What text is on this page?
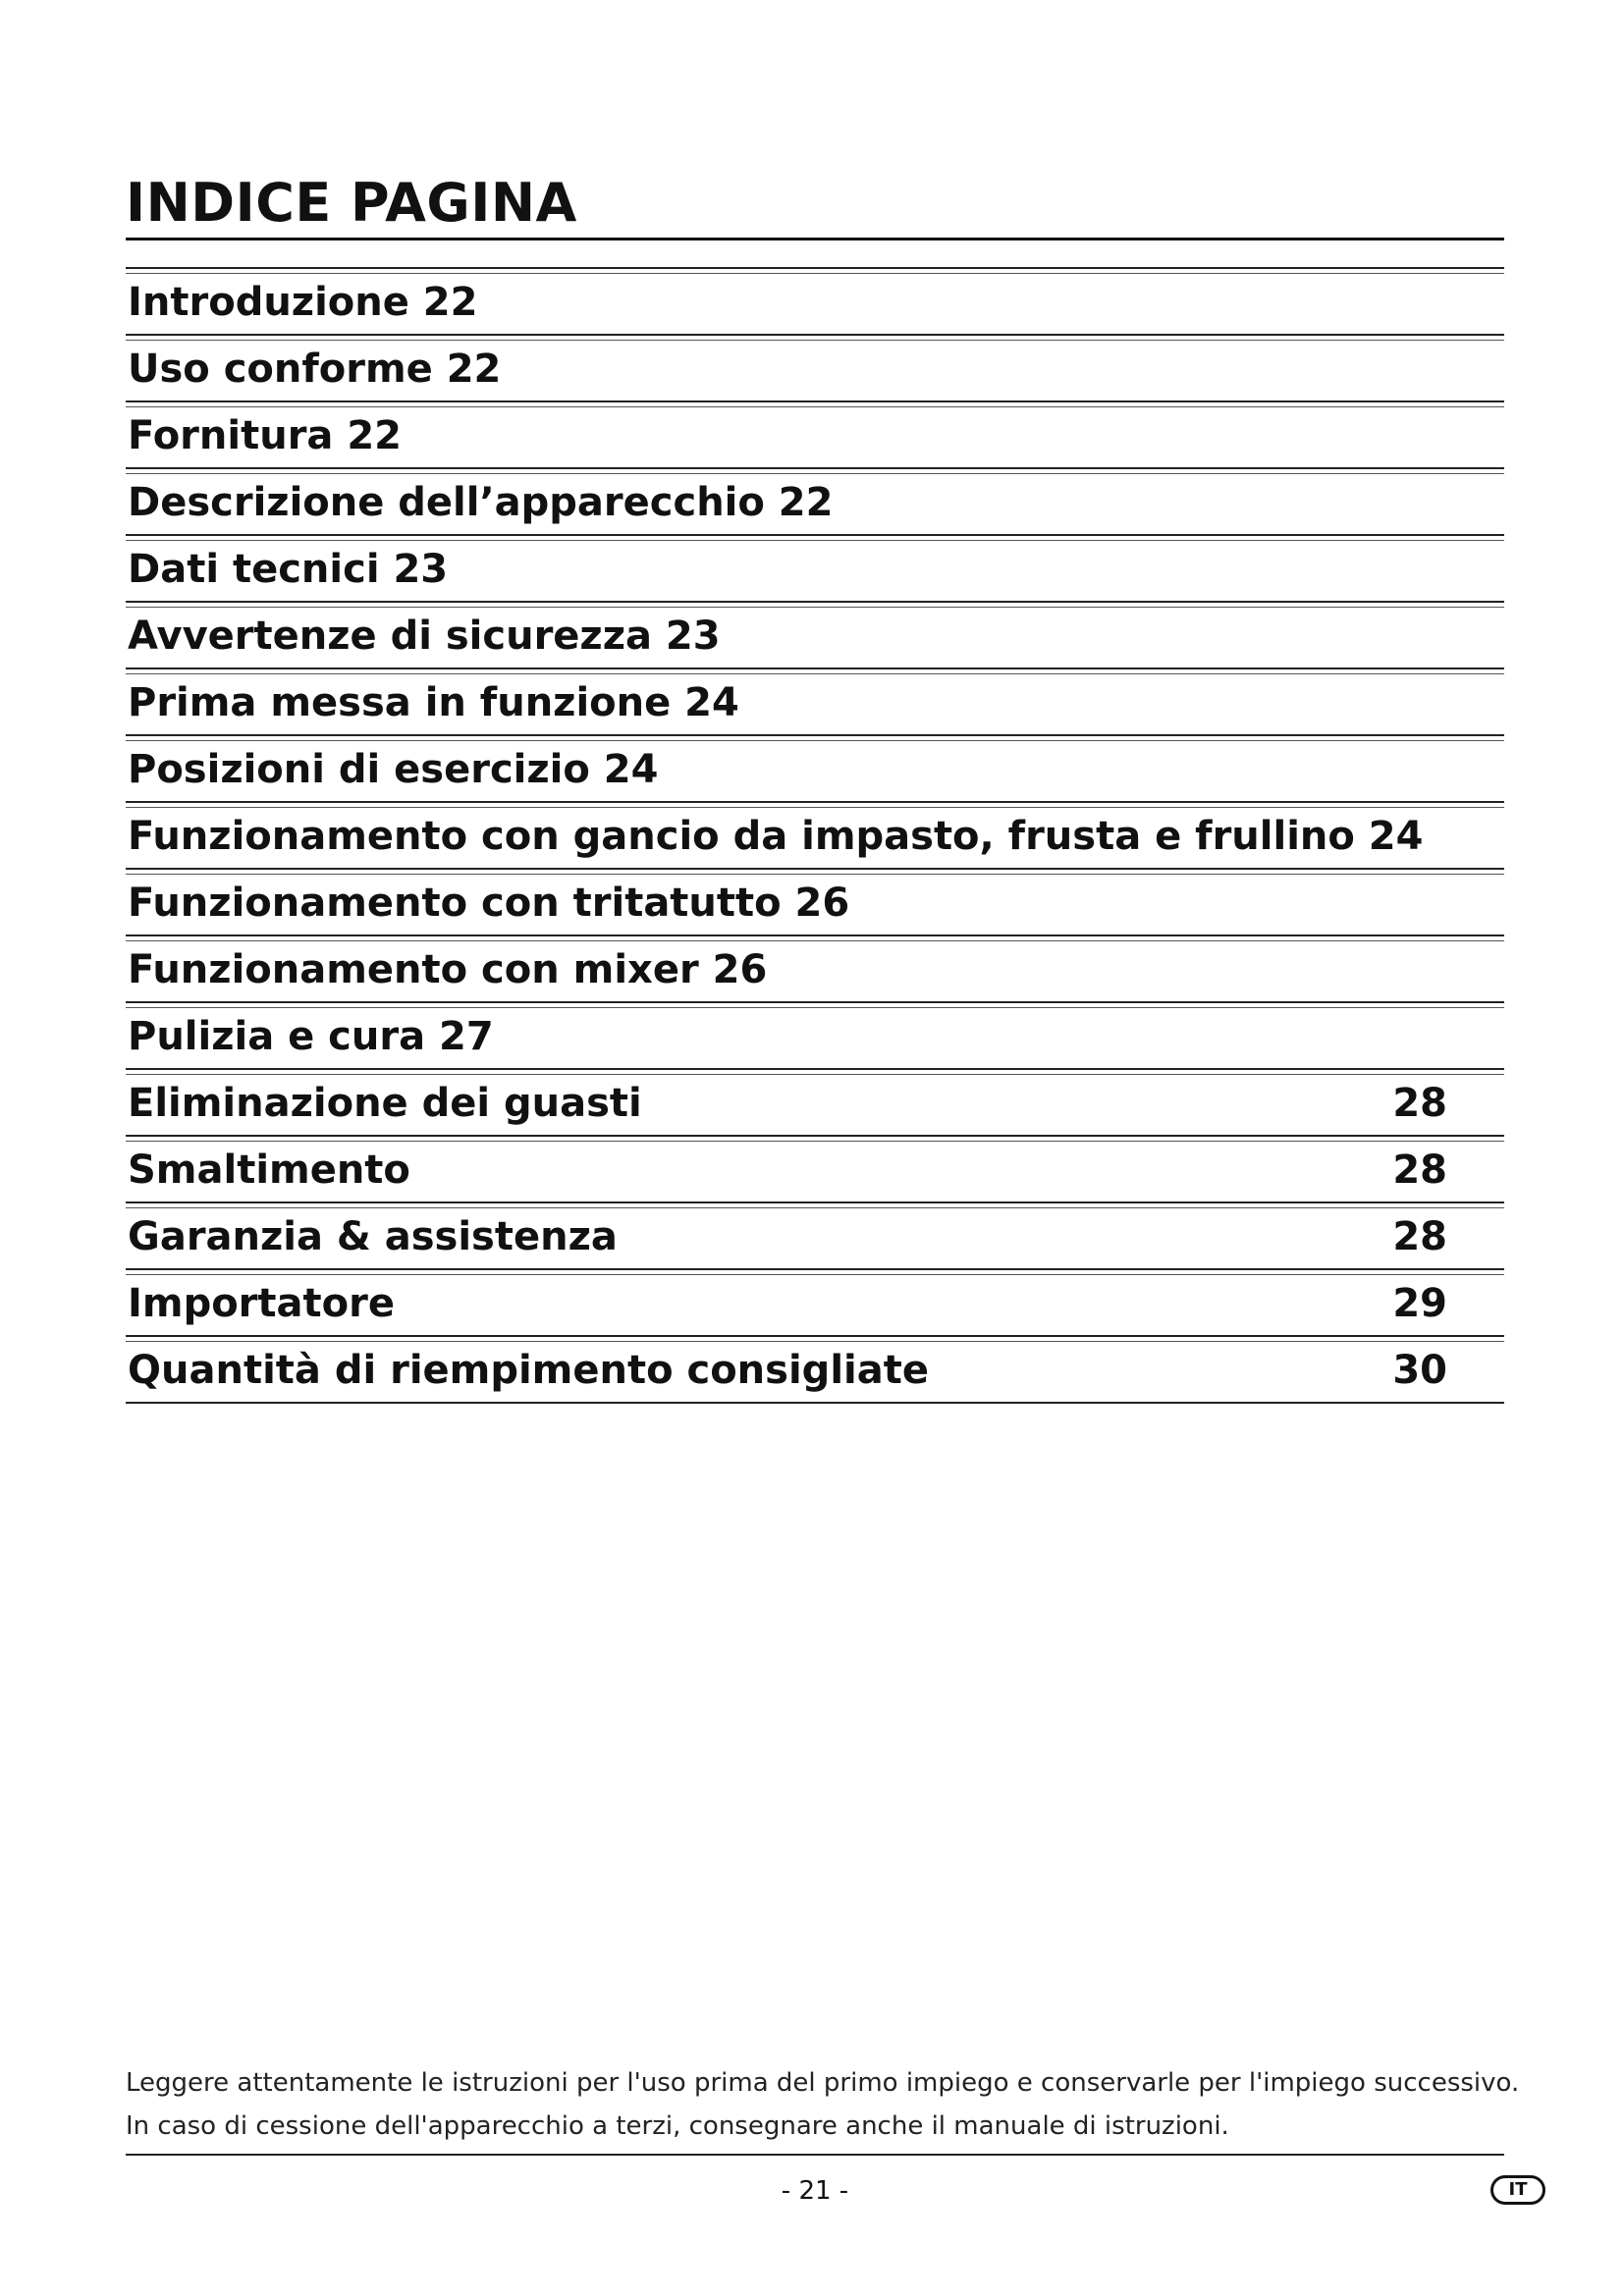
INDICE PAGINA
Introduzione 22
Uso conforme 22
Fornitura 22
Descrizione dell’apparecchio 22
Dati tecnici 23
Avvertenze di sicurezza 23
Prima messa in funzione 24
Posizioni di esercizio 24
Funzionamento con gancio da impasto, frusta e frullino 24
Funzionamento con tritatutto 26
Funzionamento con mixer 26
Pulizia e cura 27
Eliminazione dei guasti	28
Smaltimento	28
Garanzia & assistenza	28
Importatore	29
Quantità di riempimento consigliate	30
Leggere attentamente le istruzioni per l'uso prima del primo impiego e conservarle per l'impiego successivo.
In caso di cessione dell'apparecchio a terzi, consegnare anche il manuale di istruzioni.
- 21 -	IT
